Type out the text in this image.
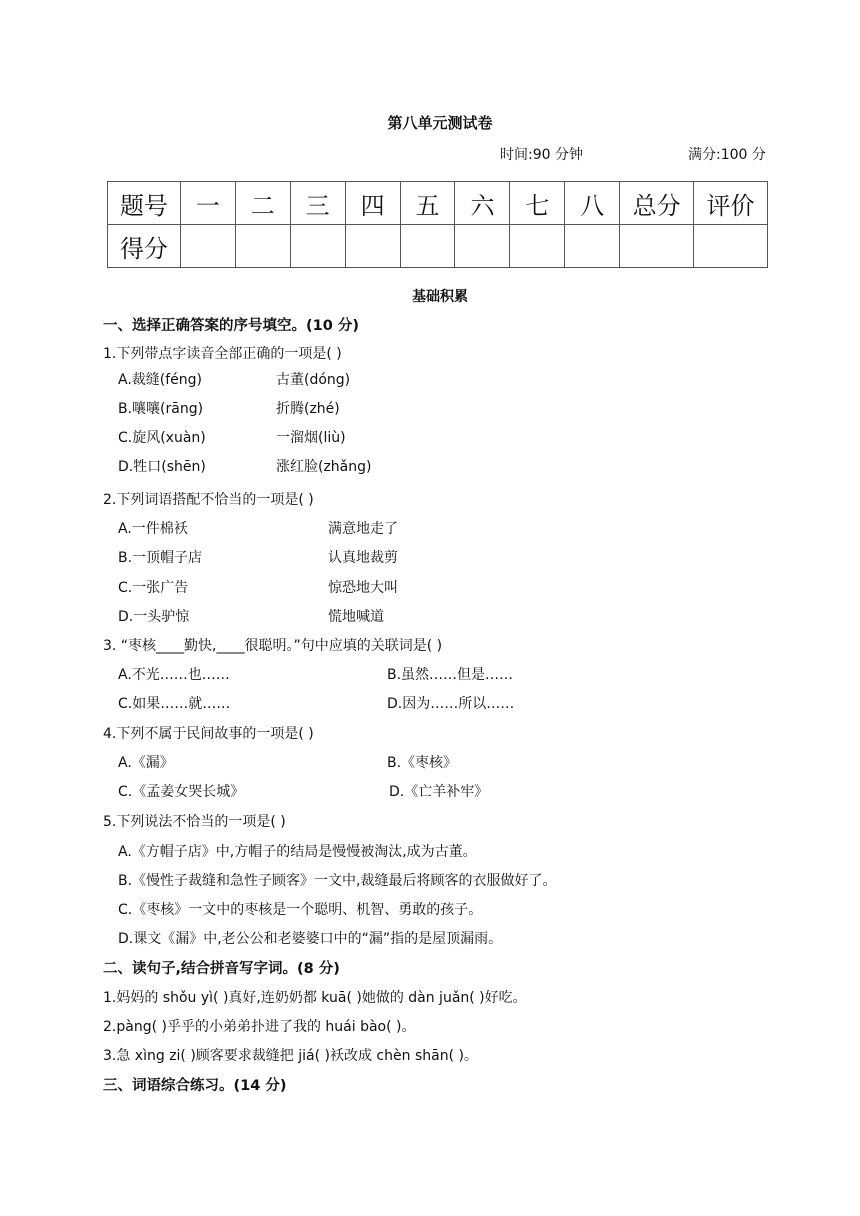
第八单元测试卷
时间:90 分钟	满分:100 分
题号	一	二	三	四	五	六	七	八	总分	评价
得分										
基础积累
一、选择正确答案的序号填空。(10 分)
1.下列带点字读音全部正确的一项是( )
A.裁缝(féng)	古董(dóng)
B.嚷嚷(rāng)	折腾(zhé)
C.旋风(xuàn)	一溜烟(liù)
D.牲口(shēn)	涨红脸(zhǎng)
2.下列词语搭配不恰当的一项是( )
A.一件棉袄	满意地走了
B.一顶帽子店	认真地裁剪
C.一张广告	惊恐地大叫
D.一头驴惊	慌地喊道
3. “枣核____勤快,____很聪明。”句中应填的关联词是( )
A.不光……也……	B.虽然……但是……
C.如果……就……	D.因为……所以……
4.下列不属于民间故事的一项是( )
A.《漏》	B.《枣核》
C.《孟姜女哭长城》	D.《亡羊补牢》
5.下列说法不恰当的一项是( )
A.《方帽子店》中,方帽子的结局是慢慢被淘汰,成为古董。
B.《慢性子裁缝和急性子顾客》一文中,裁缝最后将顾客的衣服做好了。
C.《枣核》一文中的枣核是一个聪明、机智、勇敢的孩子。
D.课文《漏》中,老公公和老婆婆口中的“漏”指的是屋顶漏雨。
二、读句子,结合拼音写字词。(8 分)
1.妈妈的 shǒu yì( )真好,连奶奶都 kuā( )她做的 dàn juǎn( )好吃。
2.pàng( )乎乎的小弟弟扑进了我的 huái bào( )。
3.急 xìng zi( )顾客要求裁缝把 jiá( )袄改成 chèn shān( )。
三、词语综合练习。(14 分)
